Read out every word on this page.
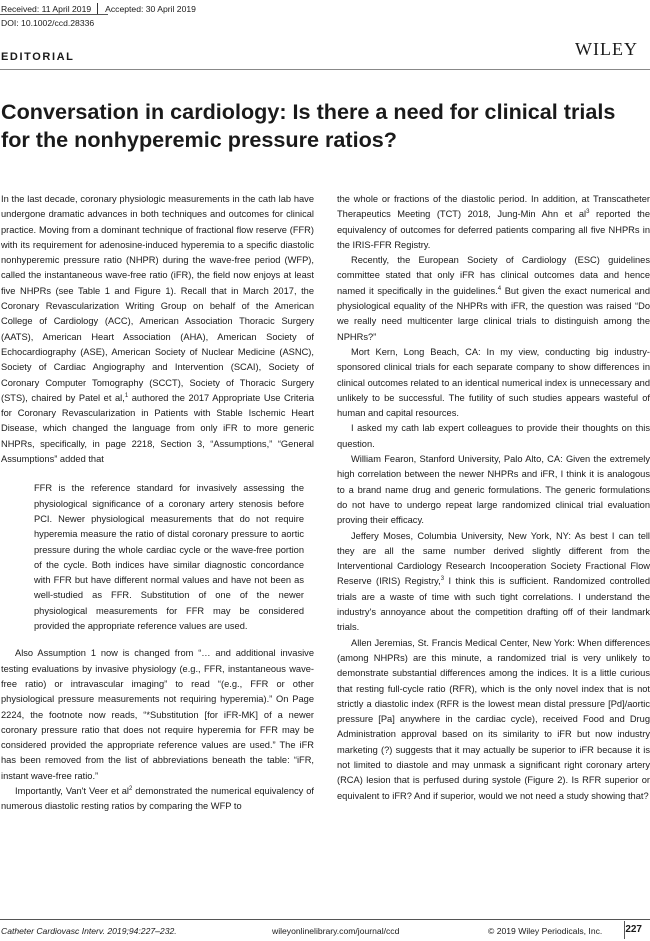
Received: 11 April 2019 Accepted: 30 April 2019
DOI: 10.1002/ccd.28336
EDITORIAL	WILEY
Conversation in cardiology: Is there a need for clinical trials for the nonhyperemic pressure ratios?

In the last decade, coronary physiologic measurements in the cath lab have undergone dramatic advances in both techniques and outcomes for clinical practice. Moving from a dominant technique of fractional flow reserve (FFR) with its requirement for adenosine-induced hyperemia to a specific diastolic nonhyperemic pressure ratio (NHPR) during the wave-free period (WFP), called the instantaneous wave-free ratio (iFR), the field now enjoys at least five NHPRs (see Table 1 and Figure 1). Recall that in March 2017, the Coronary Revascularization Writing Group on behalf of the American College of Cardiology (ACC), American Association Thoracic Surgery (AATS), American Heart Association (AHA), American Society of Echocardiography (ASE), American Society of Nuclear Medicine (ASNC), Society of Cardiac Angiography and Intervention (SCAI), Society of Coronary Computer Tomography (SCCT), Society of Thoracic Surgery (STS), chaired by Patel et al,$^1$ authored the 2017 Appropriate Use Criteria for Coronary Revascularization in Patients with Stable Ischemic Heart Disease, which changed the language from only iFR to more generic NHPRs, specifically, in page 2218, Section 3, “Assumptions,” “General Assumptions” added that

FFR is the reference standard for invasively assessing the physiological significance of a coronary artery stenosis before PCI. Newer physiological measurements that do not require hyperemia measure the ratio of distal coronary pressure to aortic pressure during the whole cardiac cycle or the wave-free portion of the cycle. Both indices have similar diagnostic concordance with FFR but have different normal values and have not been as well-studied as FFR. Substitution of one of the newer physiological measurements for FFR may be considered provided the appropriate reference values are used.

Also Assumption 1 now is changed from “… and additional invasive testing evaluations by invasive physiology (e.g., FFR, instantaneous wave-free ratio) or intravascular imaging” to read “(e.g., FFR or other physiological pressure measurements not requiring hyperemia).” On Page 2224, the footnote now reads, “*Substitution [for iFR-MK] of a newer coronary pressure ratio that does not require hyperemia for FFR may be considered provided the appropriate reference values are used.” The iFR has been removed from the list of abbreviations beneath the table: “iFR, instant wave-free ratio.”

Importantly, Van't Veer et $al^2$ demonstrated the numerical equivalency of numerous diastolic resting ratios by comparing the WFP to

the whole or fractions of the diastolic period. In addition, at Transcatheter Therapeutics Meeting (TCT) 2018, Jung-Min Ahn et $al^3$ reported the equivalency of outcomes for deferred patients comparing all five NHPRs in the IRIS-FFR Registry.

Recently, the European Society of Cardiology (ESC) guidelines committee stated that only iFR has clinical outcomes data and hence named it specifically in the guidelines.$^4$ But given the exact numerical and physiological equality of the NHPRs with iFR, the question was raised “Do we really need multicenter large clinical trials to distinguish among the NPHRs?”

Mort Kern, Long Beach, CA: In my view, conducting big industry-sponsored clinical trials for each separate company to show differences in clinical outcomes related to an identical numerical index is unnecessary and unlikely to be successful. The futility of such studies appears wasteful of human and capital resources.

I asked my cath lab expert colleagues to provide their thoughts on this question.

William Fearon, Stanford University, Palo Alto, CA: Given the extremely high correlation between the newer NHPRs and iFR, I think it is analogous to a brand name drug and generic formulations. The generic formulations do not have to undergo repeat large randomized clinical trial evaluation proving their efficacy.

Jeffery Moses, Columbia University, New York, NY: As best I can tell they are all the same number derived slightly different from the Interventional Cardiology Research Incooperation Society Fractional Flow Reserve (IRIS) Registry,$^3$ I think this is sufficient. Randomized controlled trials are a waste of time with such tight correlations. I understand the industry's annoyance about the competition drafting off of their landmark trials.

Allen Jeremias, St. Francis Medical Center, New York: When differences (among NHPRs) are this minute, a randomized trial is very unlikely to demonstrate substantial differences among the indices. It is a little curious that resting full-cycle ratio (RFR), which is the only novel index that is not strictly a diastolic index (RFR is the lowest mean distal pressure [Pd]/aortic pressure [Pa] anywhere in the cardiac cycle), received Food and Drug Administration approval based on its similarity to iFR but now industry marketing (?) suggests that it may actually be superior to iFR because it is not limited to diastole and may unmask a significant right coronary artery (RCA) lesion that is perfused during systole (Figure 2). Is RFR superior or equivalent to iFR? And if superior, would we not need a study showing that?

Catheter Cardiovasc Interv. 2019;94:227–232.	wileyonlinelibrary.com/journal/ccd	© 2019 Wiley Periodicals, Inc. 227
